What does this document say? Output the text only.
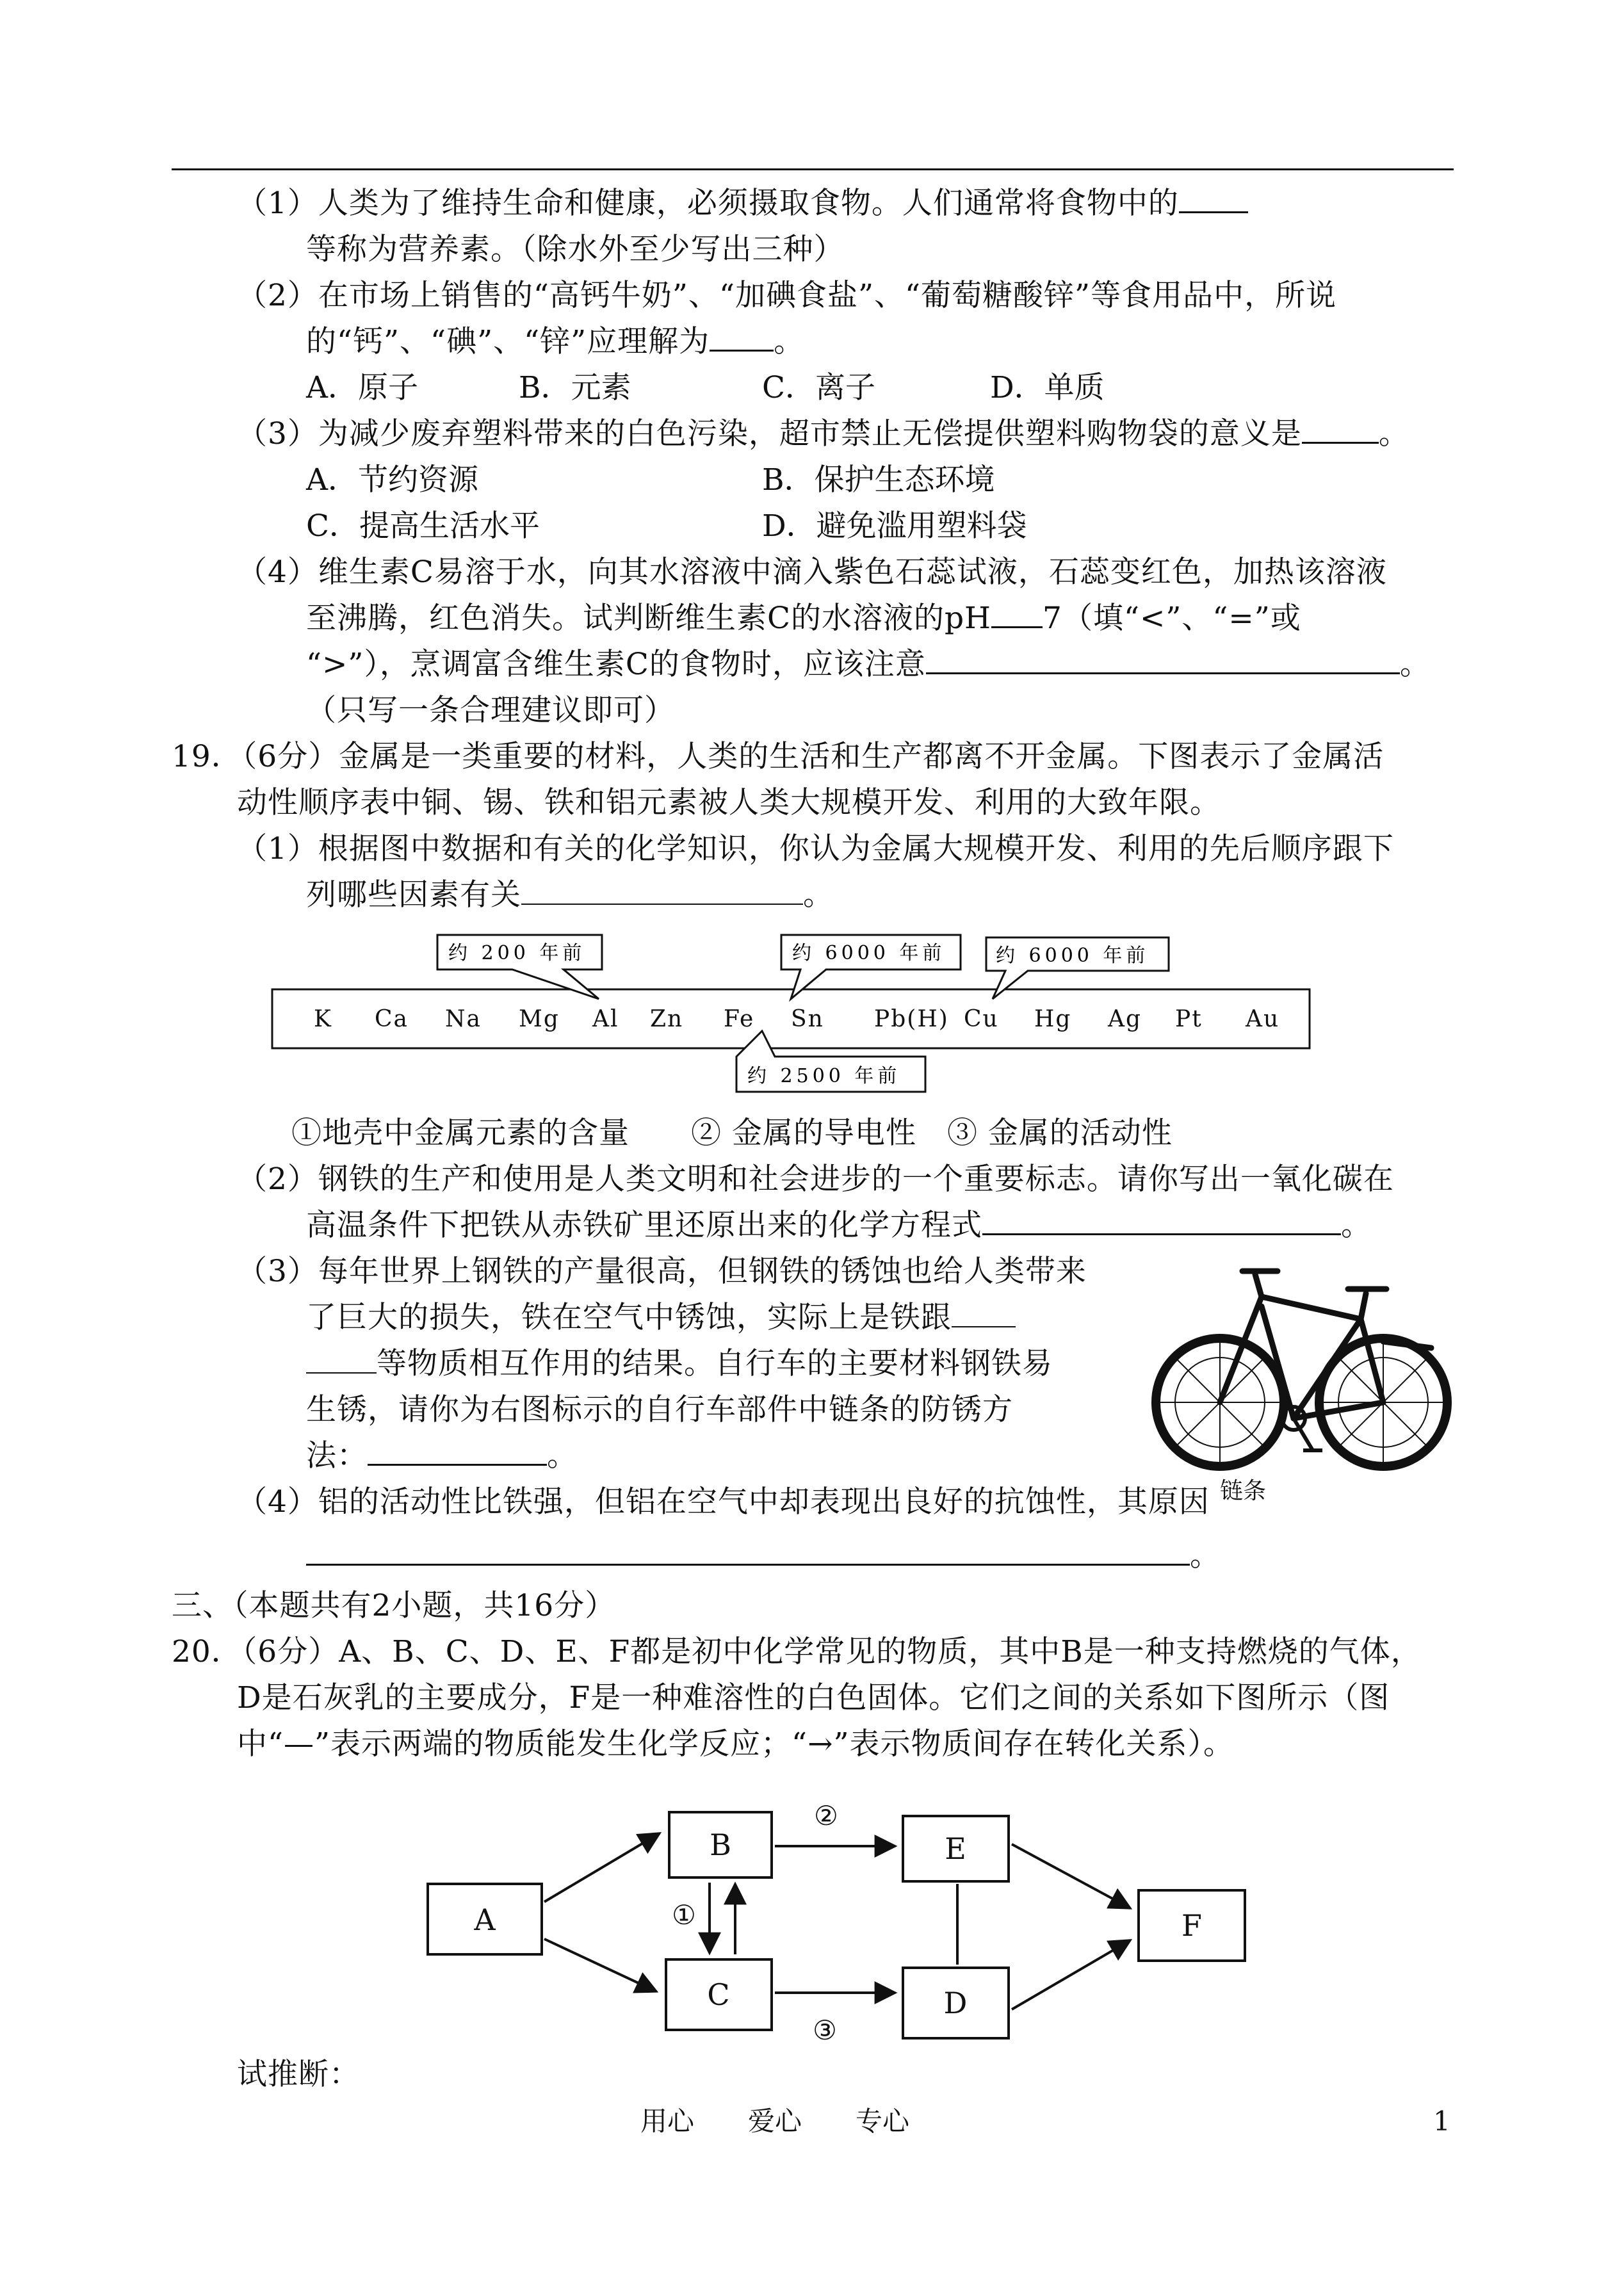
（1）人类为了维持生命和健康，必须摄取食物。人们通常将食物中的
等称为营养素。（除水外至少写出三种）
（2）在市场上销售的“高钙牛奶”、“加碘食盐”、“葡萄糖酸锌”等食用品中，所说
的“钙”、“碘”、“锌”应理解为 。
A．原子	B．元素	C．离子	D．单质
（3）为减少废弃塑料带来的白色污染，超市禁止无偿提供塑料购物袋的意义是	。
A．节约资源	B．保护生态环境
C．提高生活水平	D．避免滥用塑料袋
（4）维生素C易溶于水，向其水溶液中滴入紫色石蕊试液，石蕊变红色，加热该溶液
至沸腾，红色消失。试判断维生素C的水溶液的pH 7（填“<”、“=”或
“>”），烹调富含维生素C的食物时，应该注意	。
（只写一条合理建议即可）
19．（6分）金属是一类重要的材料，人类的生活和生产都离不开金属。下图表示了金属活
动性顺序表中铜、锡、铁和铝元素被人类大规模开发、利用的大致年限。
（1）根据图中数据和有关的化学知识，你认为金属大规模开发、利用的先后顺序跟下
列哪些因素有关	。
K Ca Na Mg Al Zn Fe Sn Pb(H) Cu Hg Ag Pt Au
约 200 年前	约 6000 年前	约 6000 年前
约 2500 年前
①地壳中金属元素的含量　　② 金属的导电性　③ 金属的活动性
（2）钢铁的生产和使用是人类文明和社会进步的一个重要标志。请你写出一氧化碳在
高温条件下把铁从赤铁矿里还原出来的化学方程式	。
（3）每年世界上钢铁的产量很高，但钢铁的锈蚀也给人类带来
了巨大的损失，铁在空气中锈蚀，实际上是铁跟
等物质相互作用的结果。自行车的主要材料钢铁易
生锈，请你为右图标示的自行车部件中链条的防锈方
法：	。
链条
（4）铝的活动性比铁强，但铝在空气中却表现出良好的抗蚀性，其原因
。
三、（本题共有2小题，共16分）
20．（6分）A、B、C、D、E、F都是初中化学常见的物质，其中B是一种支持燃烧的气体，
D是石灰乳的主要成分，F是一种难溶性的白色固体。它们之间的关系如下图所示（图
中“—”表示两端的物质能发生化学反应；“→”表示物质间存在转化关系）。
A
B
C	D
E
F
①
②
③
试推断：
用心　　爱心　　专心	1
